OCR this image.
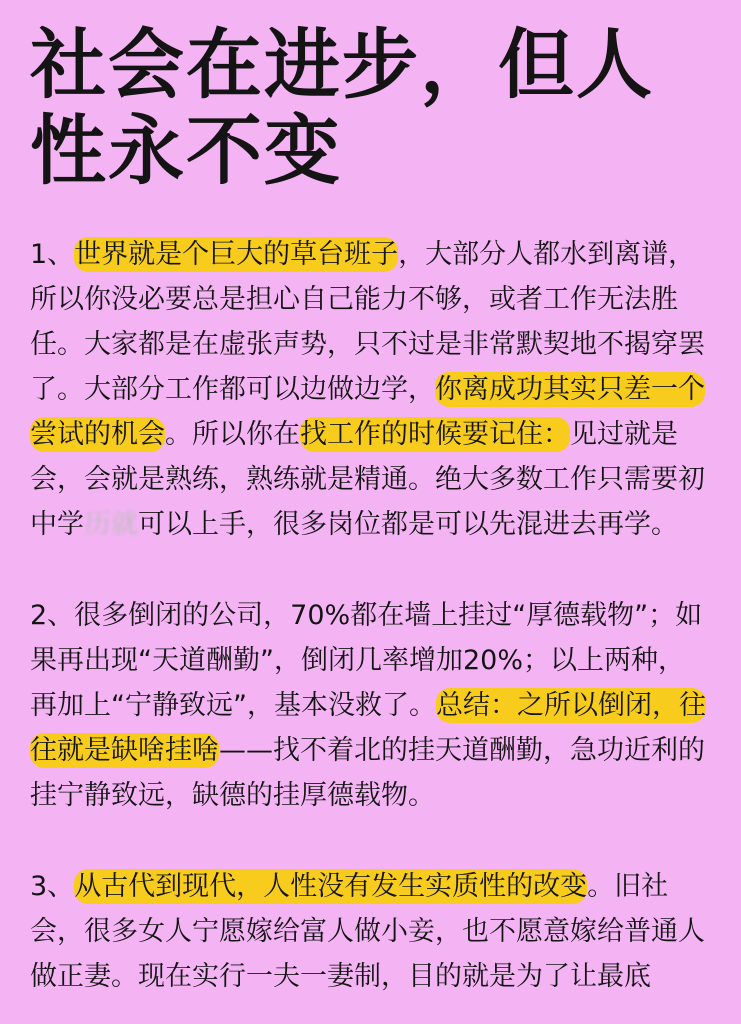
社会在进步，但人
性永不变

1、世界就是个巨大的草台班子，大部分人都水到离谱，所以你没必要总是担心自己能力不够，或者工作无法胜任。大家都是在虚张声势，只不过是非常默契地不揭穿罢了。大部分工作都可以边做边学，你离成功其实只差一个尝试的机会。所以你在找工作的时候要记住：见过就是会，会就是熟练，熟练就是精通。绝大多数工作只需要初中学历就可以上手，很多岗位都是可以先混进去再学。

2、很多倒闭的公司，70%都在墙上挂过“厚德载物”；如果再出现“天道酬勤”，倒闭几率增加20%；以上两种，再加上“宁静致远”，基本没救了。总结：之所以倒闭，往往就是缺啥挂啥——找不着北的挂天道酬勤，急功近利的挂宁静致远，缺德的挂厚德载物。

3、从古代到现代，人性没有发生实质性的改变。旧社会，很多女人宁愿嫁给富人做小妾，也不愿意嫁给普通人做正妻。现在实行一夫一妻制，目的就是为了让最底
